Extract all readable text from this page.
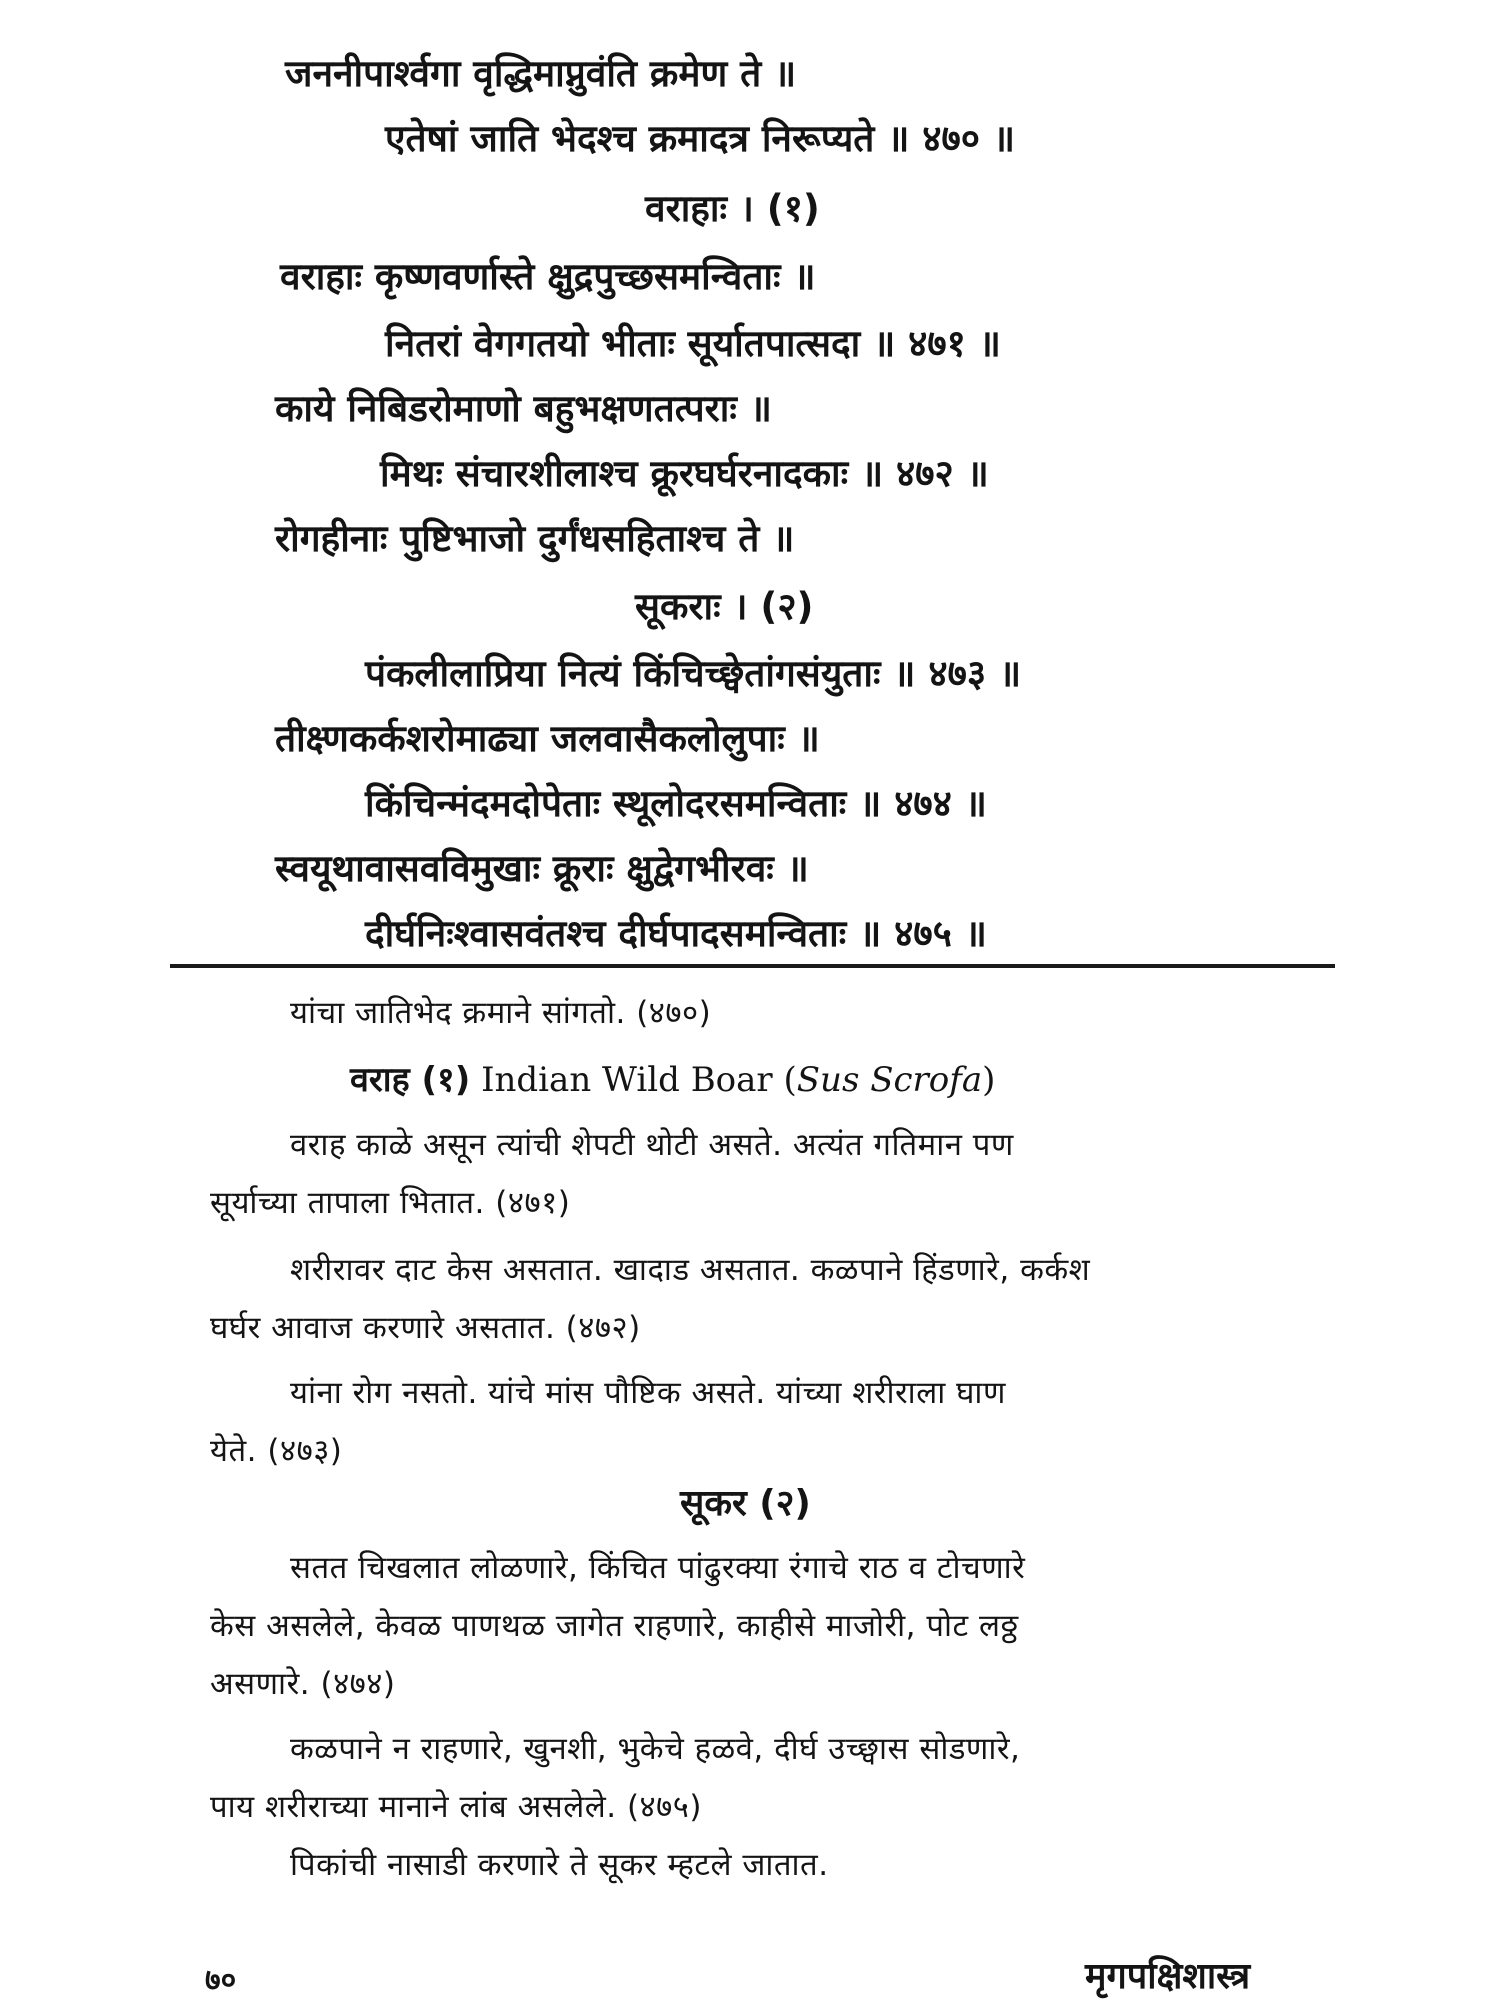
जननीपार्श्वगा वृद्धिमाप्नुवंति क्रमेण ते ॥

एतेषां जाति भेदश्च क्रमादत्र निरूप्यते ॥ ४७० ॥

वराहाः । (१)

वराहाः कृष्णवर्णास्ते क्षुद्रपुच्छसमन्विताः ॥

नितरां वेगगतयो भीताः सूर्यातपात्सदा ॥ ४७१ ॥

काये निबिडरोमाणो बहुभक्षणतत्पराः ॥

मिथः संचारशीलाश्च क्रूरघर्घरनादकाः ॥ ४७२ ॥

रोगहीनाः पुष्टिभाजो दुर्गंधसहिताश्च ते ॥

सूकराः । (२)

पंकलीलाप्रिया नित्यं किंचिच्छ्वेतांगसंयुताः ॥ ४७३ ॥

तीक्ष्णकर्कशरोमाढ्या जलवासैकलोलुपाः ॥

किंचिन्मंदमदोपेताः स्थूलोदरसमन्विताः ॥ ४७४ ॥

स्वयूथावासवविमुखाः क्रूराः क्षुद्वेगभीरवः ॥

दीर्घनिःश्वासवंतश्च दीर्घपादसमन्विताः ॥ ४७५ ॥

यांचा जातिभेद क्रमाने सांगतो. (४७०)

वराह (१) Indian Wild Boar (Sus Scrofa)

वराह काळे असून त्यांची शेपटी थोटी असते. अत्यंत गतिमान पण

सूर्याच्या तापाला भितात. (४७१)

शरीरावर दाट केस असतात. खादाड असतात. कळपाने हिंडणारे, कर्कश

घर्घर आवाज करणारे असतात. (४७२)

यांना रोग नसतो. यांचे मांस पौष्टिक असते. यांच्या शरीराला घाण

येते. (४७३)

सूकर (२)

सतत चिखलात लोळणारे, किंचित पांढुरक्या रंगाचे राठ व टोचणारे

केस असलेले, केवळ पाणथळ जागेत राहणारे, काहीसे माजोरी, पोट लठ्ठ

असणारे. (४७४)

कळपाने न राहणारे, खुनशी, भुकेचे हळवे, दीर्घ उच्छ्वास सोडणारे,

पाय शरीराच्या मानाने लांब असलेले. (४७५)

पिकांची नासाडी करणारे ते सूकर म्हटले जातात.

७०	मृगपक्षिशास्त्र
